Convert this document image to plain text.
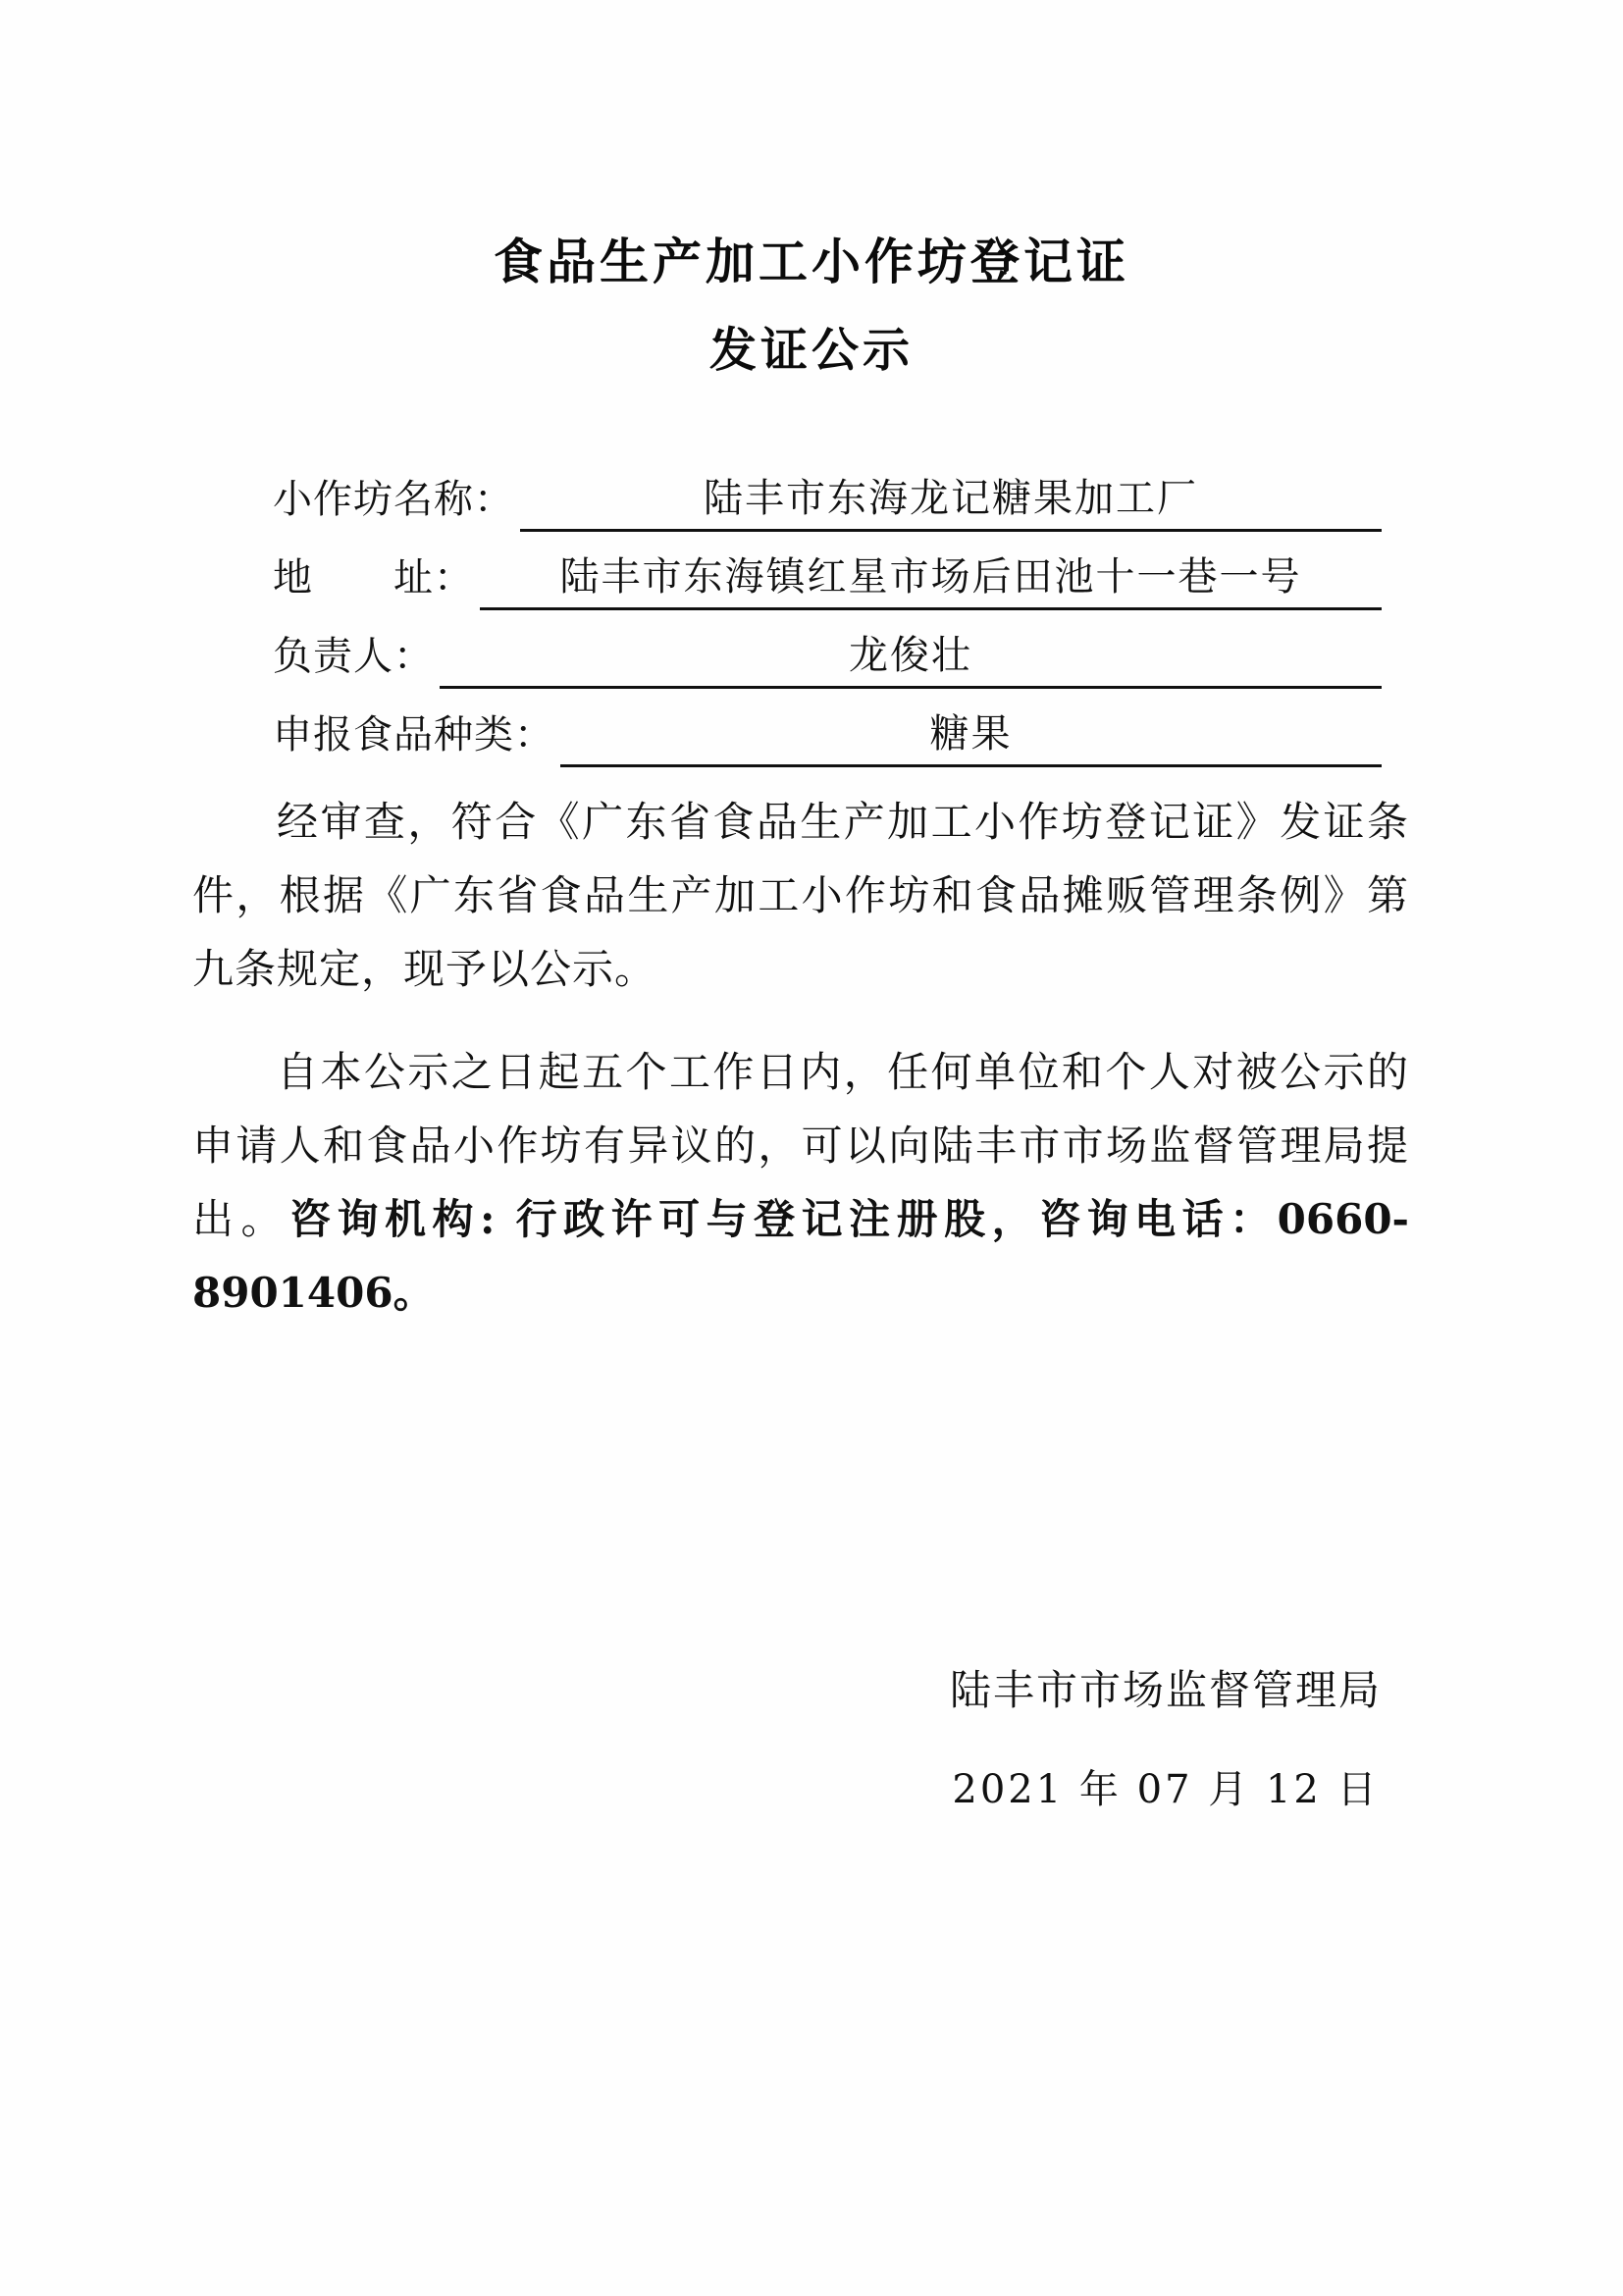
食品生产加工小作坊登记证
发证公示
小作坊名称：	陆丰市东海龙记糖果加工厂
地　　址：	陆丰市东海镇红星市场后田池十一巷一号
负责人：	龙俊壮
申报食品种类：	糖果

经审查，符合《广东省食品生产加工小作坊登记证》发证条件，根据《广东省食品生产加工小作坊和食品摊贩管理条例》第九条规定，现予以公示。

自本公示之日起五个工作日内，任何单位和个人对被公示的申请人和食品小作坊有异议的，可以向陆丰市市场监督管理局提出。咨询机构: 行政许可与登记注册股，咨询电话：0660-8901406。

陆丰市市场监督管理局
2021 年 07 月 12 日
